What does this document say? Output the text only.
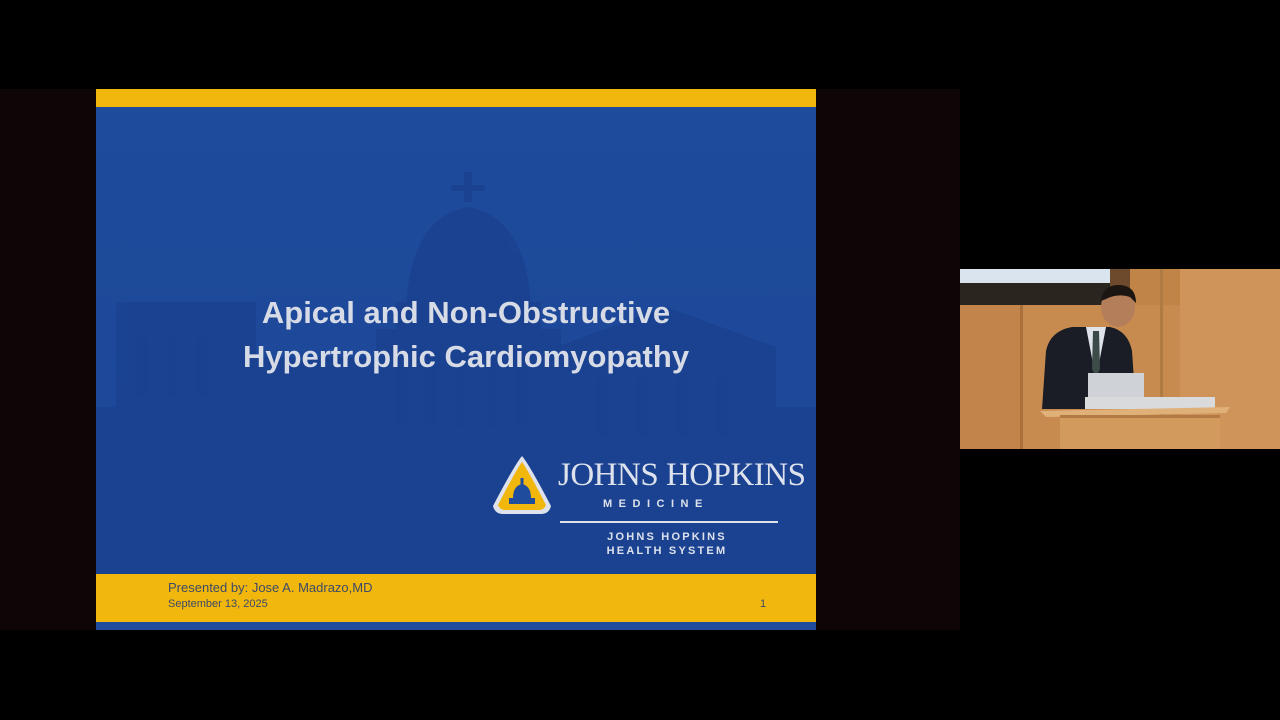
Apical and Non-Obstructive
Hypertrophic Cardiomyopathy
JOHNS HOPKINS
MEDICINE
JOHNS HOPKINS
HEALTH SYSTEM
Presented by: Jose A. Madrazo,MD
September 13, 2025	1
